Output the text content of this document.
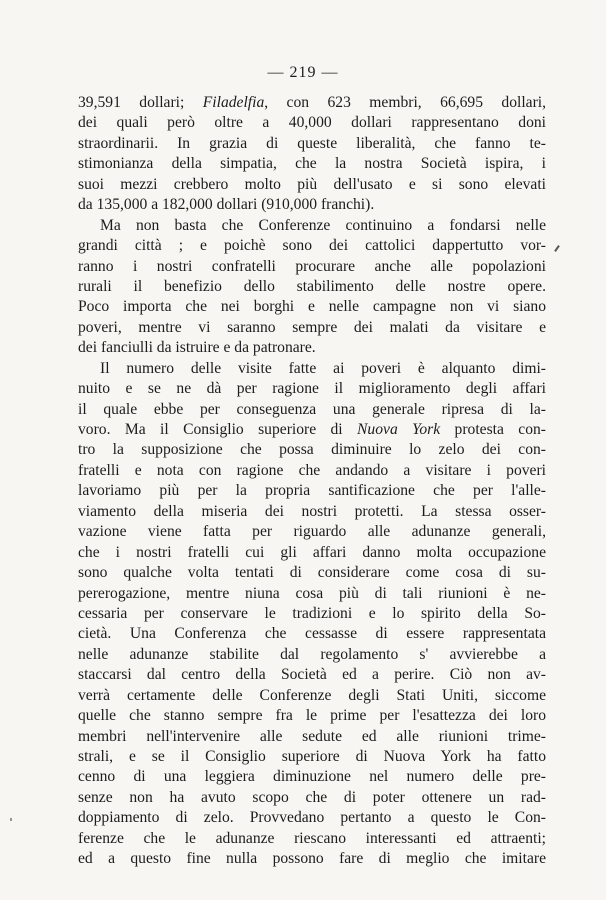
— 219 —
39,591 dollari; Filadelfia, con 623 membri, 66,695 dollari,
dei quali però oltre a 40,000 dollari rappresentano doni
straordinarii. In grazia di queste liberalità, che fanno te-
stimonianza della simpatia, che la nostra Società ispira, i
suoi mezzi crebbero molto più dell'usato e si sono elevati
da 135,000 a 182,000 dollari (910,000 franchi).
Ma non basta che Conferenze continuino a fondarsi nelle
grandi città ; e poichè sono dei cattolici dappertutto vor-
ranno i nostri confratelli procurare anche alle popolazioni
rurali il benefizio dello stabilimento delle nostre opere.
Poco importa che nei borghi e nelle campagne non vi siano
poveri, mentre vi saranno sempre dei malati da visitare e
dei fanciulli da istruire e da patronare.
Il numero delle visite fatte ai poveri è alquanto dimi-
nuito e se ne dà per ragione il miglioramento degli affari
il quale ebbe per conseguenza una generale ripresa di la-
voro. Ma il Consiglio superiore di Nuova York protesta con-
tro la supposizione che possa diminuire lo zelo dei con-
fratelli e nota con ragione che andando a visitare i poveri
lavoriamo più per la propria santificazione che per l'alle-
viamento della miseria dei nostri protetti. La stessa osser-
vazione viene fatta per riguardo alle adunanze generali,
che i nostri fratelli cui gli affari danno molta occupazione
sono qualche volta tentati di considerare come cosa di su-
pererogazione, mentre niuna cosa più di tali riunioni è ne-
cessaria per conservare le tradizioni e lo spirito della So-
cietà. Una Conferenza che cessasse di essere rappresentata
nelle adunanze stabilite dal regolamento s' avvierebbe a
staccarsi dal centro della Società ed a perire. Ciò non av-
verrà certamente delle Conferenze degli Stati Uniti, siccome
quelle che stanno sempre fra le prime per l'esattezza dei loro
membri nell'intervenire alle sedute ed alle riunioni trime-
strali, e se il Consiglio superiore di Nuova York ha fatto
cenno di una leggiera diminuzione nel numero delle pre-
senze non ha avuto scopo che di poter ottenere un rad-
doppiamento di zelo. Provvedano pertanto a questo le Con-
ferenze che le adunanze riescano interessanti ed attraenti;
ed a questo fine nulla possono fare di meglio che imitare
